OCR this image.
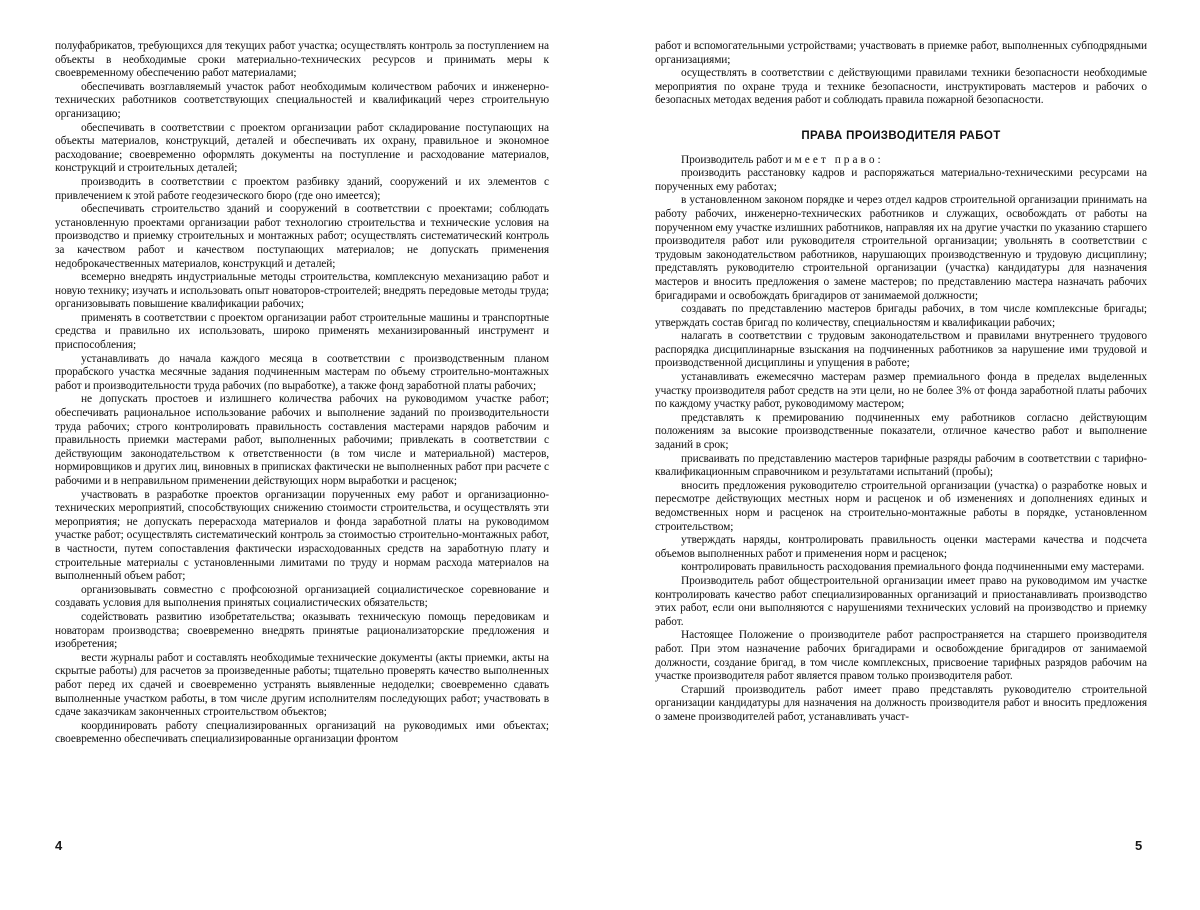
полуфабрикатов, требующихся для текущих работ участка; осуществлять контроль за поступлением на объекты в необходимые сроки материально-технических ресурсов и принимать меры к своевременному обеспечению работ материалами;

обеспечивать возглавляемый участок работ необходимым количеством рабочих и инженерно-технических работников соответствующих специальностей и квалификаций через строительную организацию;

обеспечивать в соответствии с проектом организации работ складирование поступающих на объекты материалов, конструкций, деталей и обеспечивать их охрану, правильное и экономное расходование; своевременно оформлять документы на поступление и расходование материалов, конструкций и строительных деталей;

производить в соответствии с проектом разбивку зданий, сооружений и их элементов с привлечением к этой работе геодезического бюро (где оно имеется);

обеспечивать строительство зданий и сооружений в соответствии с проектами; соблюдать установленную проектами организации работ технологию строительства и технические условия на производство и приемку строительных и монтажных работ; осуществлять систематический контроль за качеством работ и качеством поступающих материалов; не допускать применения недоброкачественных материалов, конструкций и деталей;

всемерно внедрять индустриальные методы строительства, комплексную механизацию работ и новую технику; изучать и использовать опыт новаторов-строителей; внедрять передовые методы труда; организовывать повышение квалификации рабочих;

применять в соответствии с проектом организации работ строительные машины и транспортные средства и правильно их использовать, широко применять механизированный инструмент и приспособления;

устанавливать до начала каждого месяца в соответствии с производственным планом прорабского участка месячные задания подчиненным мастерам по объему строительно-монтажных работ и производительности труда рабочих (по выработке), а также фонд заработной платы рабочих;

не допускать простоев и излишнего количества рабочих на руководимом участке работ; обеспечивать рациональное использование рабочих и выполнение заданий по производительности труда рабочих; строго контролировать правильность составления мастерами нарядов рабочим и правильность приемки мастерами работ, выполненных рабочими; привлекать в соответствии с действующим законодательством к ответственности (в том числе и материальной) мастеров, нормировщиков и других лиц, виновных в приписках фактически не выполненных работ при расчете с рабочими и в неправильном применении действующих норм выработки и расценок;

участвовать в разработке проектов организации порученных ему работ и организационно-технических мероприятий, способствующих снижению стоимости строительства, и осуществлять эти мероприятия; не допускать перерасхода материалов и фонда заработной платы на руководимом участке работ; осуществлять систематический контроль за стоимостью строительно-монтажных работ, в частности, путем сопоставления фактически израсходованных средств на заработную плату и строительные материалы с установленными лимитами по труду и нормам расхода материалов на выполненный объем работ;

организовывать совместно с профсоюзной организацией социалистическое соревнование и создавать условия для выполнения принятых социалистических обязательств;

содействовать развитию изобретательства; оказывать техническую помощь передовикам и новаторам производства; своевременно внедрять принятые рационализаторские предложения и изобретения;

вести журналы работ и составлять необходимые технические документы (акты приемки, акты на скрытые работы) для расчетов за произведенные работы; тщательно проверять качество выполненных работ перед их сдачей и своевременно устранять выявленные недоделки; своевременно сдавать выполненные участком работы, в том числе другим исполнителям последующих работ; участвовать в сдаче заказчикам законченных строительством объектов;

координировать работу специализированных организаций на руководимых ими объектах; своевременно обеспечивать специализированные организации фронтом

4

работ и вспомогательными устройствами; участвовать в приемке работ, выполненных субподрядными организациями;

осуществлять в соответствии с действующими правилами техники безопасности необходимые мероприятия по охране труда и технике безопасности, инструктировать мастеров и рабочих о безопасных методах ведения работ и соблюдать правила пожарной безопасности.

ПРАВА ПРОИЗВОДИТЕЛЯ РАБОТ

Производитель работ имеет право:

производить расстановку кадров и распоряжаться материально-техническими ресурсами на порученных ему работах;

в установленном законом порядке и через отдел кадров строительной организации принимать на работу рабочих, инженерно-технических работников и служащих, освобождать от работы на порученном ему участке излишних работников, направляя их на другие участки по указанию старшего производителя работ или руководителя строительной организации; увольнять в соответствии с трудовым законодательством работников, нарушающих производственную и трудовую дисциплину; представлять руководителю строительной организации (участка) кандидатуры для назначения мастеров и вносить предложения о замене мастеров; по представлению мастера назначать рабочих бригадирами и освобождать бригадиров от занимаемой должности;

создавать по представлению мастеров бригады рабочих, в том числе комплексные бригады; утверждать состав бригад по количеству, специальностям и квалификации рабочих;

налагать в соответствии с трудовым законодательством и правилами внутреннего трудового распорядка дисциплинарные взыскания на подчиненных работников за нарушение ими трудовой и производственной дисциплины и упущения в работе;

устанавливать ежемесячно мастерам размер премиального фонда в пределах выделенных участку производителя работ средств на эти цели, но не более 3% от фонда заработной платы рабочих по каждому участку работ, руководимому мастером;

представлять к премированию подчиненных ему работников согласно действующим положениям за высокие производственные показатели, отличное качество работ и выполнение заданий в срок;

присваивать по представлению мастеров тарифные разряды рабочим в соответствии с тарифно-квалификационным справочником и результатами испытаний (пробы);

вносить предложения руководителю строительной организации (участка) о разработке новых и пересмотре действующих местных норм и расценок и об изменениях и дополнениях единых и ведомственных норм и расценок на строительно-монтажные работы в порядке, установленном строительством;

утверждать наряды, контролировать правильность оценки мастерами качества и подсчета объемов выполненных работ и применения норм и расценок;

контролировать правильность расходования премиального фонда подчиненными ему мастерами.

Производитель работ общестроительной организации имеет право на руководимом им участке контролировать качество работ специализированных организаций и приостанавливать производство этих работ, если они выполняются с нарушениями технических условий на производство и приемку работ.

Настоящее Положение о производителе работ распространяется на старшего производителя работ. При этом назначение рабочих бригадирами и освобождение бригадиров от занимаемой должности, создание бригад, в том числе комплексных, присвоение тарифных разрядов рабочим на участке производителя работ является правом только производителя работ.

Старший производитель работ имеет право представлять руководителю строительной организации кандидатуры для назначения на должность производителя работ и вносить предложения о замене производителей работ, устанавливать участ-

5
